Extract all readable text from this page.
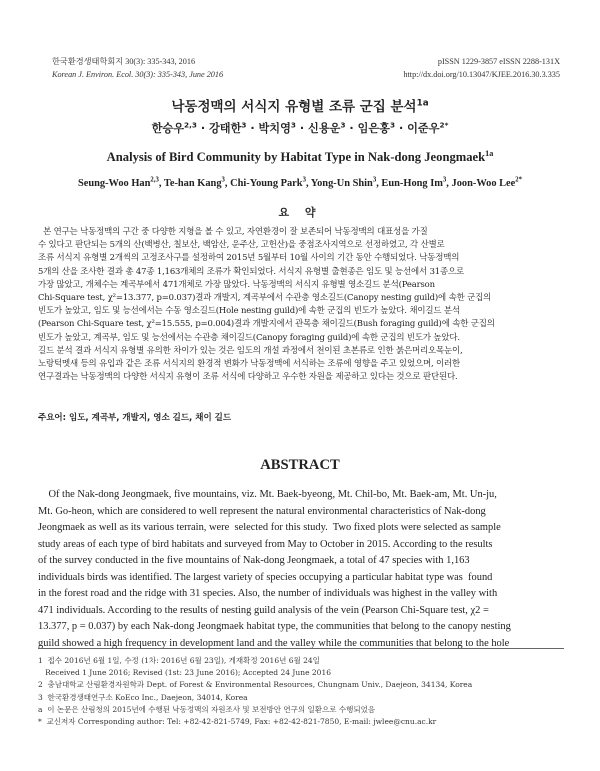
한국환경생태학회지 30(3): 335-343, 2016
Korean J. Environ. Ecol. 30(3): 335-343, June 2016
pISSN 1229-3857 eISSN 2288-131X
http://dx.doi.org/10.13047/KJEE.2016.30.3.335
낙동정맥의 서식지 유형별 조류 군집 분석$^{1a}$
한승우$^{2,3}$ · 강태한$^3$ · 박치영$^3$ · 신용운$^3$ · 임은홍$^3$ · 이준우$^{2*}$
Analysis of Bird Community by Habitat Type in Nak-dong Jeongmaek$^{1a}$
Seung-Woo Han$^{2,3}$, Te-han Kang$^3$, Chi-Young Park$^3$, Yong-Un Shin$^3$, Eun-Hong Im$^3$, Joon-Woo Lee$^{2*}$
요 약
본 연구는 낙동정맥의 구간 중 다양한 지형을 볼 수 있고, 자연환경이 잘 보존되어 낙동정맥의 대표성을 가질
수 있다고 판단되는 5개의 산(백병산, 칠보산, 백암산, 운주산, 고헌산)을 중점조사지역으로 선정하였고, 각 산별로
조류 서식지 유형별 2개씩의 고정조사구를 설정하여 2015년 5월부터 10월 사이의 기간 동안 수행되었다. 낙동정맥의
5개의 산을 조사한 결과 총 47종 1,163개체의 조류가 확인되었다. 서식지 유형별 출현종은 임도 및 능선에서 31종으로
가장 많았고, 개체수는 계곡부에서 471개체로 가장 많았다. 낙동정맥의 서식지 유형별 영소길드 분석(Pearson
Chi-Square test, χ²=13.377, p=0.037)결과 개발지, 계곡부에서 수관층 영소길드(Canopy nesting guild)에 속한 군집의
빈도가 높았고, 임도 및 능선에서는 수동 영소길드(Hole nesting guild)에 속한 군집의 빈도가 높았다. 채이길드 분석
(Pearson Chi-Square test, χ²=15.555, p=0.004)결과 개발지에서 관목층 채이길드(Bush foraging guild)에 속한 군집의
빈도가 높았고, 계곡부, 임도 및 능선에서는 수관층 채이길드(Canopy foraging guild)에 속한 군집의 빈도가 높았다.
길드 분석 결과 서식지 유형별 유의한 차이가 있는 것은 임도의 개설 과정에서 천이된 초본류로 인한 붉은머리오목눈이,
노랑턱멧새 등의 유입과 같은 조류 서식지의 환경적 변화가 낙동정맥에 서식하는 조류에 영향을 주고 있었으며, 이러한
연구결과는 낙동정맥의 다양한 서식지 유형이 조류 서식에 다양하고 우수한 자원을 제공하고 있다는 것으로 판단된다.
주요어: 임도, 계곡부, 개발지, 영소 길드, 채이 길드
ABSTRACT
Of the Nak-dong Jeongmaek, five mountains, viz. Mt. Baek-byeong, Mt. Chil-bo, Mt. Baek-am, Mt. Un-ju,
Mt. Go-heon, which are considered to well represent the natural environmental characteristics of Nak-dong
Jeongmaek as well as its various terrain, were  selected for this study.  Two fixed plots were selected as sample
study areas of each type of bird habitats and surveyed from May to October in 2015. According to the results
of the survey conducted in the five mountains of Nak-dong Jeongmaek, a total of 47 species with 1,163
individuals birds was identified. The largest variety of species occupying a particular habitat type was  found
in the forest road and the ridge with 31 species. Also, the number of individuals was highest in the valley with
471 individuals. According to the results of nesting guild analysis of the vein (Pearson Chi-Square test, χ2 =
13.377, p = 0.037) by each Nak-dong Jeongmaek habitat type, the communities that belong to the canopy nesting
guild showed a high frequency in development land and the valley while the communities that belong to the hole
1  접수 2016년 6월 1일, 수정 (1차: 2016년 6월 23일), 게재확정 2016년 6월 24일
Received 1 June 2016; Revised (1st: 23 June 2016); Accepted 24 June 2016
2  충남대학교 산림환경자원학과 Dept. of Forest & Environmental Resources, Chungnam Univ., Daejeon, 34134, Korea
3  한국환경생태연구소 KoEco Inc., Daejeon, 34014, Korea
a  이 논문은 산림청의 2015년에 수행된 낙동정맥의 자원조사 및 보전방안 연구의 일환으로 수행되었음
*  교신저자 Corresponding author: Tel: +82-42-821-5749, Fax: +82-42-821-7850, E-mail: jwlee@cnu.ac.kr
